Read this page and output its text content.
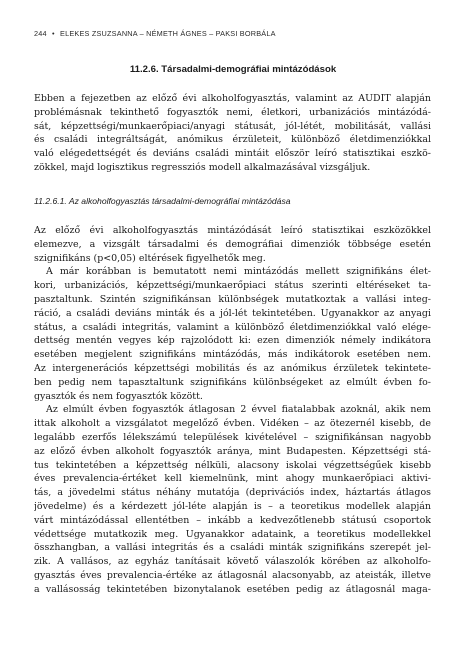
244 • ELEKES ZSUZSANNA – NÉMETH ÁGNES – PAKSI BORBÁLA
11.2.6. Társadalmi-demográfiai mintázódások
Ebben a fejezetben az előző évi alkoholfogyasztás, valamint az AUDIT alapján
problémásnak tekinthető fogyasztók nemi, életkori, urbanizációs mintázódá-
sát, képzettségi/munkaerőpiaci/anyagi státusát, jól-létét, mobilitását, vallási
és családi integráltságát, anómikus érzületeit, különböző életdimenziókkal
való elégedettségét és deviáns családi mintáit először leíró statisztikai eszkö-
zökkel, majd logisztikus regressziós modell alkalmazásával vizsgáljuk.
11.2.6.1. Az alkoholfogyasztás társadalmi-demográfiai mintázódása
Az előző évi alkoholfogyasztás mintázódását leíró statisztikai eszközökkel
elemezve, a vizsgált társadalmi és demográfiai dimenziók többsége esetén
szignifikáns (p<0,05) eltérések figyelhetők meg.
A már korábban is bemutatott nemi mintázódás mellett szignifikáns élet-
kori, urbanizációs, képzettségi/munkaerőpiaci státus szerinti eltéréseket ta-
pasztaltunk. Szintén szignifikánsan különbségek mutatkoztak a vallási integ-
ráció, a családi deviáns minták és a jól-lét tekintetében. Ugyanakkor az anyagi
státus, a családi integritás, valamint a különböző életdimenziókkal való elége-
dettség mentén vegyes kép rajzolódott ki: ezen dimenziók némely indikátora
esetében megjelent szignifikáns mintázódás, más indikátorok esetében nem.
Az intergenerációs képzettségi mobilitás és az anómikus érzületek tekintete-
ben pedig nem tapasztaltunk szignifikáns különbségeket az elmúlt évben fo-
gyasztók és nem fogyasztók között.
Az elmúlt évben fogyasztók átlagosan 2 évvel fiatalabbak azoknál, akik nem
ittak alkoholt a vizsgálatot megelőző évben. Vidéken – az ötezernél kisebb, de
legalább ezerfős lélekszámú települések kivételével – szignifikánsan nagyobb
az előző évben alkoholt fogyasztók aránya, mint Budapesten. Képzettségi stá-
tus tekintetében a képzettség nélküli, alacsony iskolai végzettségűek kisebb
éves prevalencia-értéket kell kiemelnünk, mint ahogy munkaerőpiaci aktivi-
tás, a jövedelmi státus néhány mutatója (deprivációs index, háztartás átlagos
jövedelme) és a kérdezett jól-léte alapján is – a teoretikus modellek alapján
várt mintázódással ellentétben – inkább a kedvezőtlenebb státusú csoportok
védettsége mutatkozik meg. Ugyanakkor adataink, a teoretikus modellekkel
összhangban, a vallási integritás és a családi minták szignifikáns szerepét jel-
zik. A vallásos, az egyház tanításait követő válaszolók körében az alkoholfo-
gyasztás éves prevalencia-értéke az átlagosnál alacsonyabb, az ateisták, illetve
a vallásosság tekintetében bizonytalanok esetében pedig az átlagosnál maga-
